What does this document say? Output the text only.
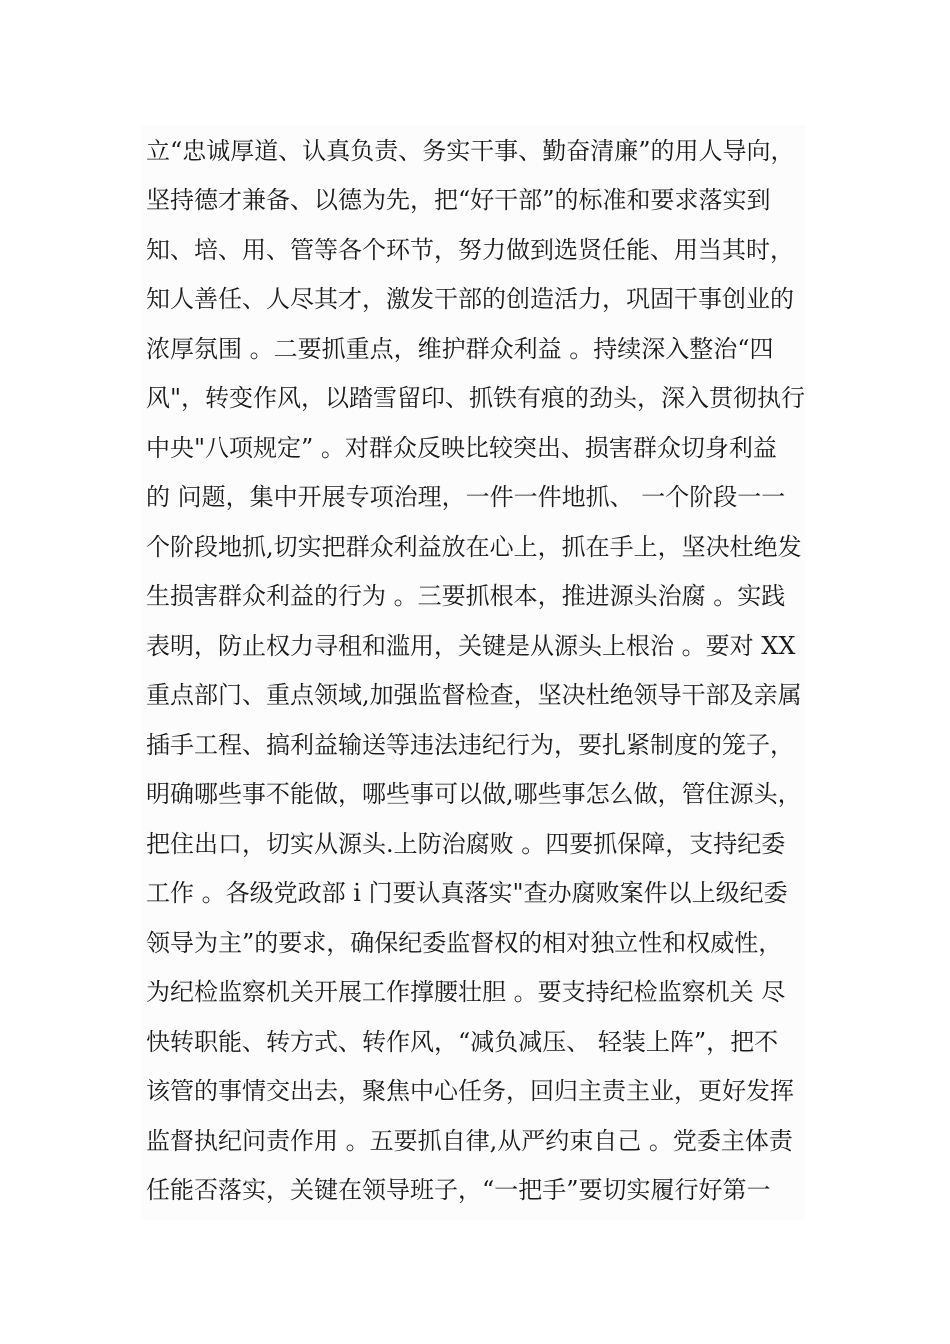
立“忠诚厚道、认真负责、务实干事、勤奋清廉”的用人导向，
坚持德才兼备、以德为先，把“好干部”的标准和要求落实到
知、培、用、管等各个环节，努力做到选贤任能、用当其时，
知人善任、人尽其才，激发干部的创造活力，巩固干事创业的
浓厚氛围 。二要抓重点，维护群众利益 。持续深入整治“四
风"，转变作风，以踏雪留印、抓铁有痕的劲头，深入贯彻执行
中央"八项规定” 。对群众反映比较突出、损害群众切身利益
的 问题，集中开展专项治理，一件一件地抓、 一个阶段一一
个阶段地抓,切实把群众利益放在心上，抓在手上，坚决杜绝发
生损害群众利益的行为 。三要抓根本，推进源头治腐 。实践
表明，防止权力寻租和滥用，关键是从源头上根治 。要对 XX
重点部门、重点领域,加强监督检查，坚决杜绝领导干部及亲属
插手工程、搞利益输送等违法违纪行为，要扎紧制度的笼子，
明确哪些事不能做，哪些事可以做,哪些事怎么做，管住源头，
把住出口，切实从源头.上防治腐败 。四要抓保障，支持纪委
工作 。各级党政部 i 门要认真落实"查办腐败案件以上级纪委
领导为主”的要求，确保纪委监督权的相对独立性和权威性，
为纪检监察机关开展工作撑腰壮胆 。要支持纪检监察机关 尽
快转职能、转方式、转作风，“减负减压、 轻装上阵”，把不
该管的事情交出去，聚焦中心任务，回归主责主业，更好发挥
监督执纪问责作用 。五要抓自律,从严约束自己 。党委主体责
任能否落实，关键在领导班子，“一把手”要切实履行好第一
